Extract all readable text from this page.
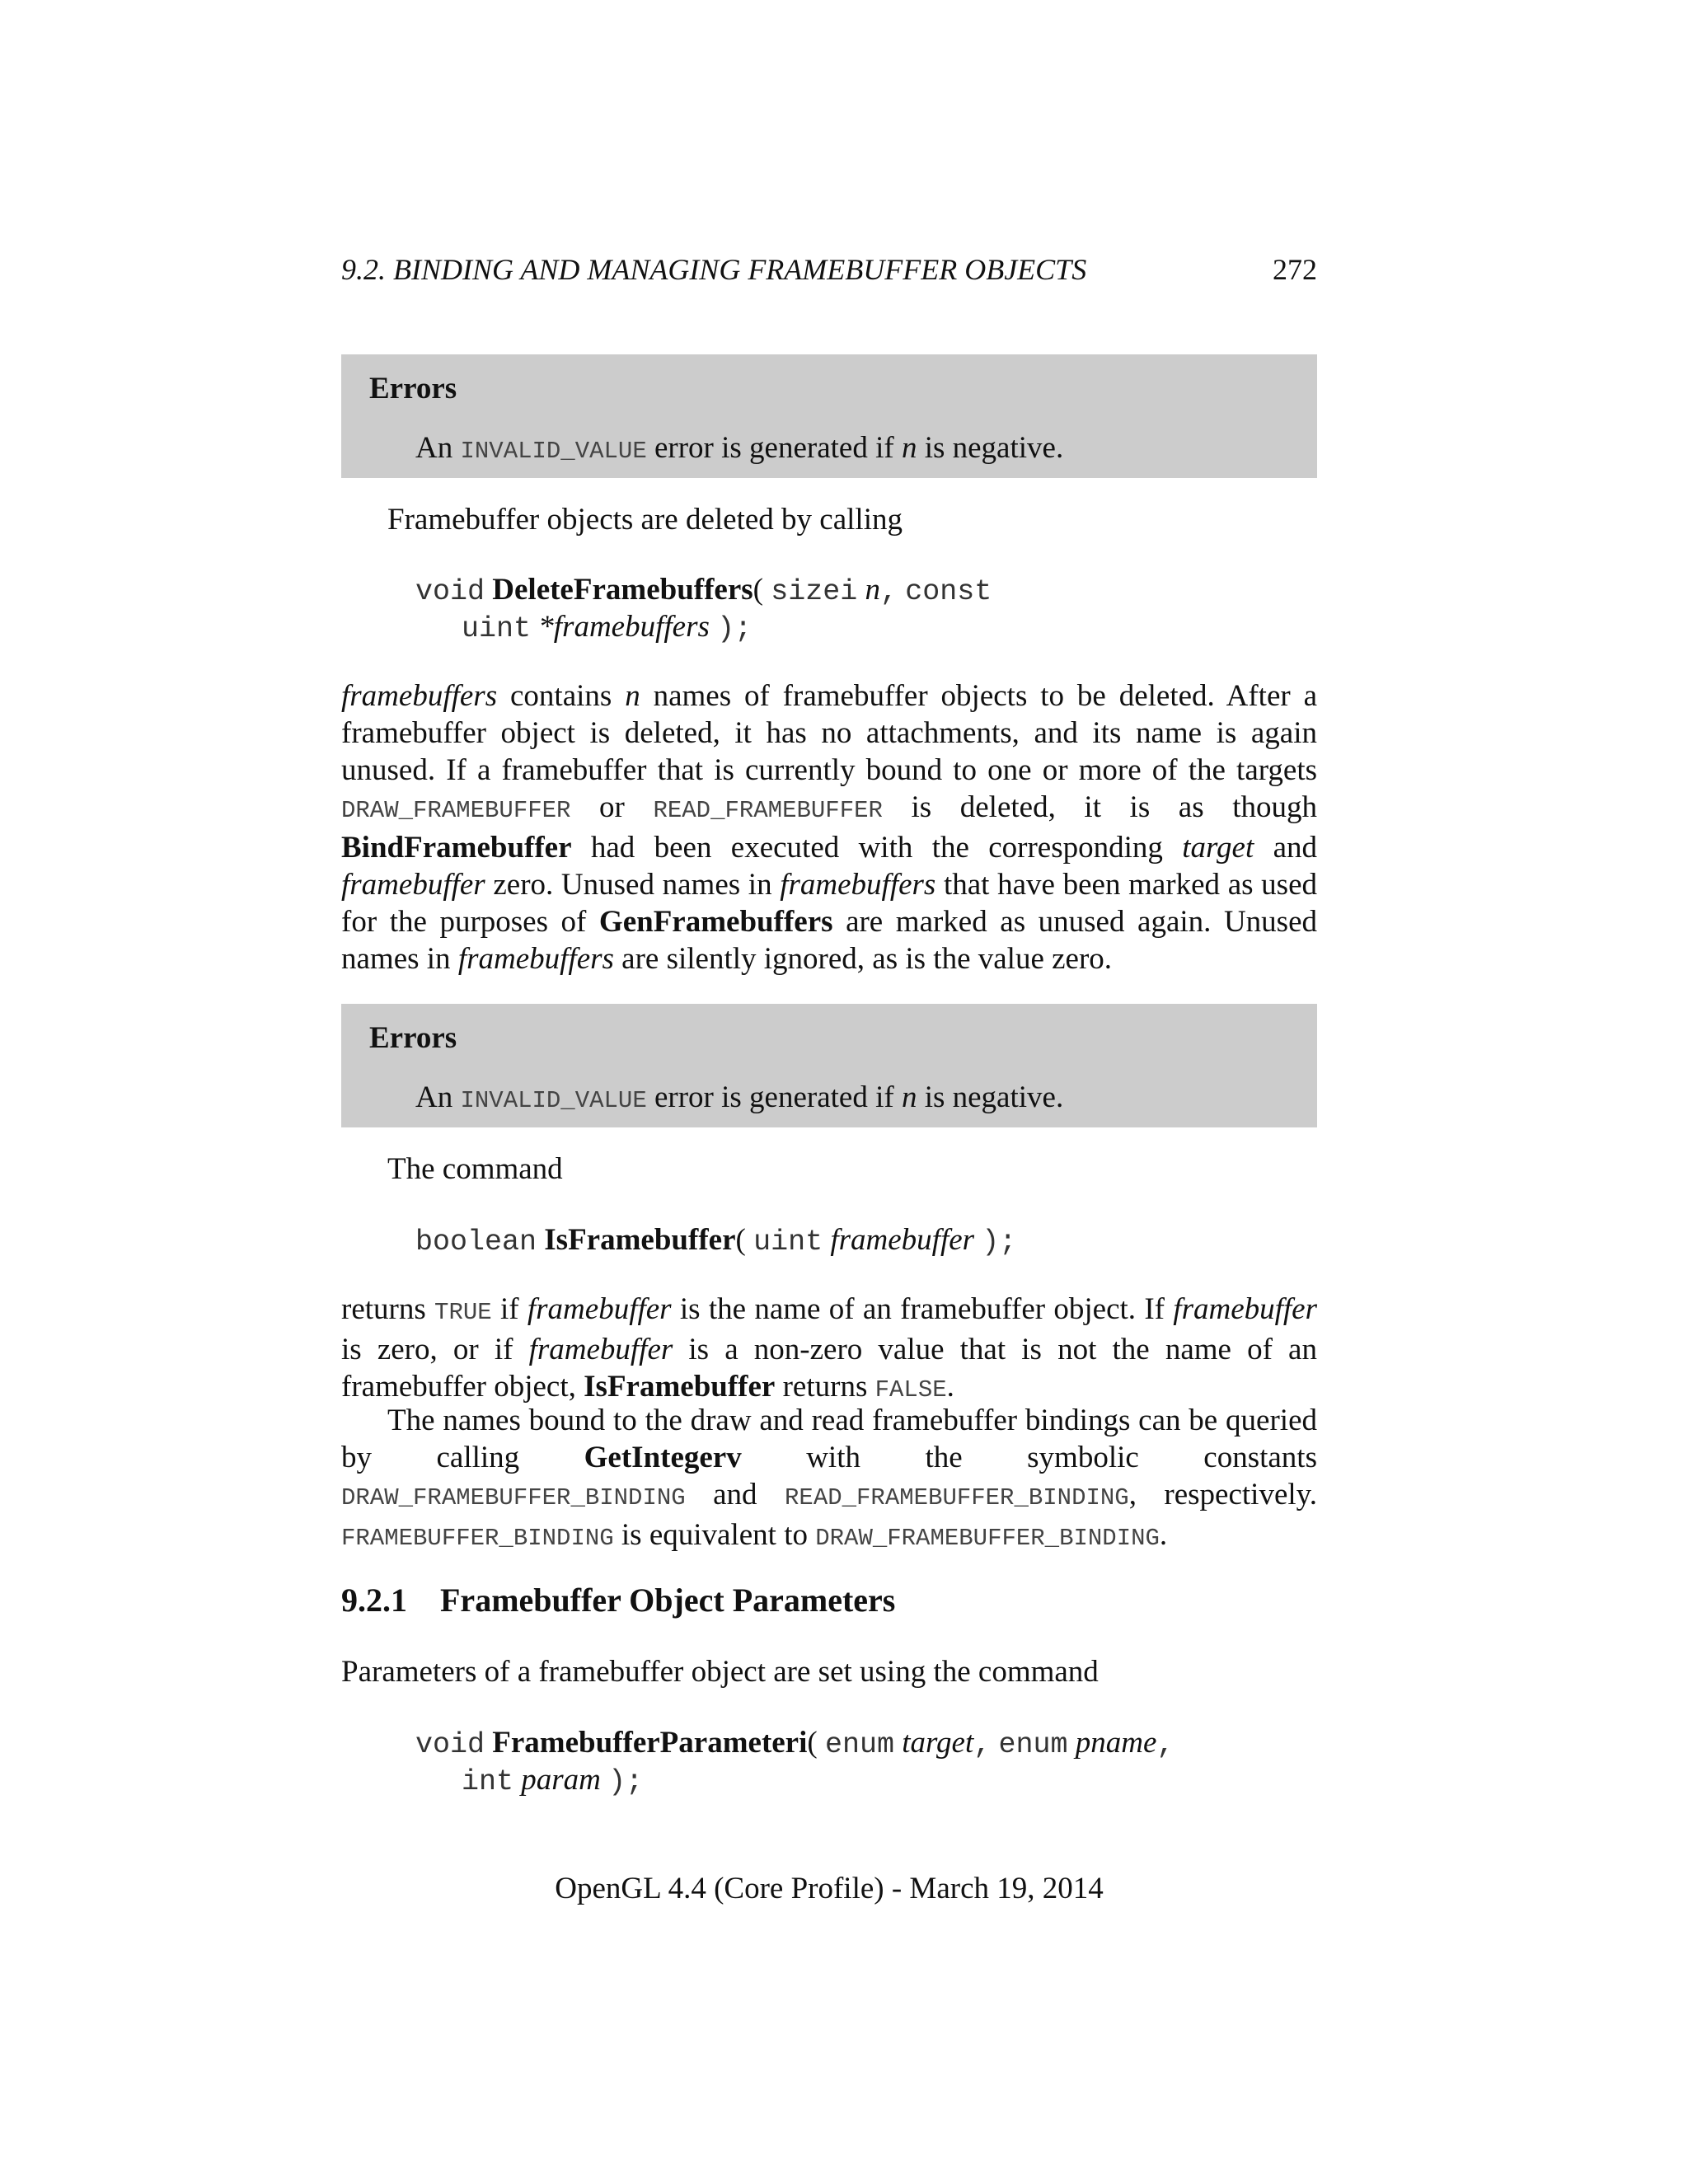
9.2. BINDING AND MANAGING FRAMEBUFFER OBJECTS	272
Errors
An INVALID_VALUE error is generated if n is negative.
Framebuffer objects are deleted by calling
void DeleteFramebuffers( sizei n, const
uint *framebuffers );
framebuffers contains n names of framebuffer objects to be deleted. After a framebuffer object is deleted, it has no attachments, and its name is again unused. If a framebuffer that is currently bound to one or more of the targets DRAW_FRAMEBUFFER or READ_FRAMEBUFFER is deleted, it is as though BindFramebuffer had been executed with the corresponding target and framebuffer zero. Unused names in framebuffers that have been marked as used for the purposes of GenFramebuffers are marked as unused again. Unused names in framebuffers are silently ignored, as is the value zero.
Errors
An INVALID_VALUE error is generated if n is negative.
The command
boolean IsFramebuffer( uint framebuffer );
returns TRUE if framebuffer is the name of an framebuffer object. If framebuffer is zero, or if framebuffer is a non-zero value that is not the name of an framebuffer object, IsFramebuffer returns FALSE.
The names bound to the draw and read framebuffer bindings can be queried by calling GetIntegerv with the symbolic constants DRAW_FRAMEBUFFER_BINDING and READ_FRAMEBUFFER_BINDING, respectively. FRAMEBUFFER_BINDING is equivalent to DRAW_FRAMEBUFFER_BINDING.
9.2.1 Framebuffer Object Parameters
Parameters of a framebuffer object are set using the command
void FramebufferParameteri( enum target, enum pname,
int param );
OpenGL 4.4 (Core Profile) - March 19, 2014
